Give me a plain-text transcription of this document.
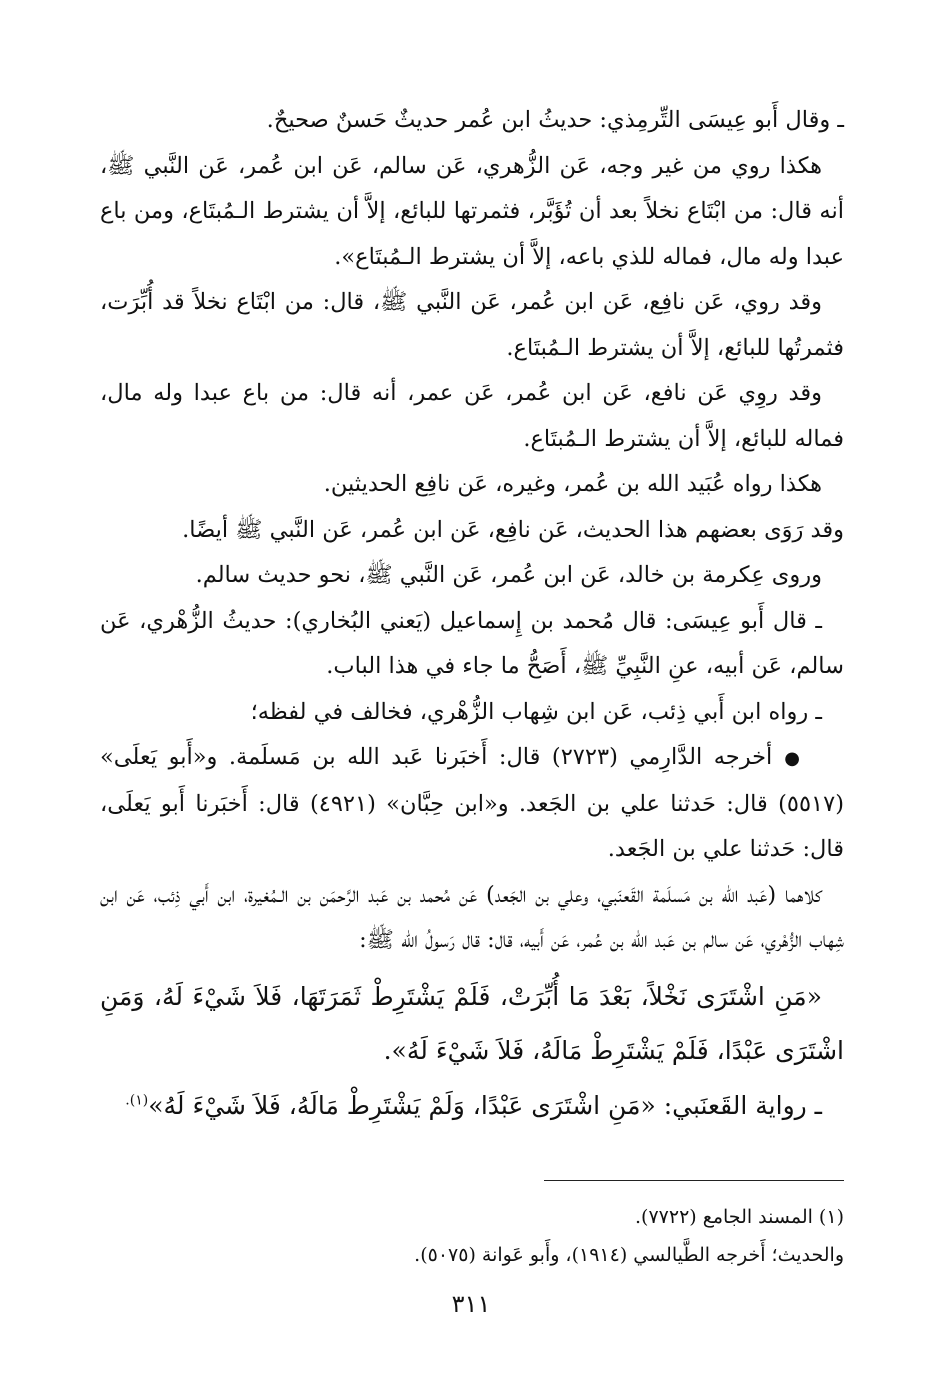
ـ وقال أَبو عِيسَى التِّرمِذي: حديثُ ابن عُمر حديثٌ حَسنٌ صحيحٌ.

هكذا روي من غير وجه، عَن الزُّهري، عَن سالم، عَن ابن عُمر، عَن النَّبي ﷺ، أنه قال: من ابْتَاع نخلاً بعد أن تُؤَبَّر، فثمرتها للبائع، إلاَّ أن يشترط الـمُبتَاع، ومن باع عبدا وله مال، فماله للذي باعه، إلاَّ أن يشترط الـمُبتَاع».

وقد روي، عَن نافِع، عَن ابن عُمر، عَن النَّبي ﷺ، قال: من ابْتَاع نخلاً قد أُبِّرَت، فثمرتُها للبائع، إلاَّ أن يشترط الـمُبتَاع.

وقد روِي عَن نافع، عَن ابن عُمر، عَن عمر، أنه قال: من باع عبدا وله مال، فماله للبائع، إلاَّ أن يشترط الـمُبتَاع.

هكذا رواه عُبَيد الله بن عُمر، وغيره، عَن نافِع الحديثين.

وقد رَوَى بعضهم هذا الحديث، عَن نافِع، عَن ابن عُمر، عَن النَّبي ﷺ أيضًا.

وروى عِكرمة بن خالد، عَن ابن عُمر، عَن النَّبي ﷺ، نحو حديث سالم.

ـ قال أَبو عِيسَى: قال مُحمد بن إِسماعيل (يَعني البُخاري): حديثُ الزُّهْري، عَن سالم، عَن أبيه، عنِ النَّبِيِّ ﷺ، أَصَحُّ ما جاء في هذا الباب.

ـ رواه ابن أَبي ذِئب، عَن ابن شِهاب الزُّهْري، فخالف في لفظه؛

●أخرجه الدَّارِمي (٢٧٢٣) قال: أَخبَرنا عَبد الله بن مَسلَمة. و«أَبو يَعلَى» (٥٥١٧) قال: حَدثنا علي بن الجَعد. و«ابن حِبَّان» (٤٩٢١) قال: أَخبَرنا أَبو يَعلَى، قال: حَدثنا علي بن الجَعد.

كلاهما (عَبد الله بن مَسلَمة القَعنَبي، وعلي بن الجَعد) عَن مُحمد بن عَبد الرَّحمَن بن الـمُغيرة، ابن أَبي ذِئب، عَن ابن شِهاب الزُّهْري، عَن سالم بن عَبد الله بن عُمر، عَن أَبيه، قال: قال رَسولُ الله ﷺ:

«مَنِ اشْتَرَى نَخْلاً، بَعْدَ مَا أُبِّرَتْ، فَلَمْ يَشْتَرِطْ ثَمَرَتَهَا، فَلاَ شَيْءَ لَهُ، وَمَنِ اشْتَرَى عَبْدًا، فَلَمْ يَشْتَرِطْ مَالَهُ، فَلاَ شَيْءَ لَهُ».

ـ رواية القَعنَبي: «مَنِ اشْتَرَى عَبْدًا، وَلَمْ يَشْتَرِطْ مَالَهُ، فَلاَ شَيْءَ لَهُ»$^{(١).}$

(١) المسند الجامع (٧٧٢٢).

والحديث؛ أَخرجه الطَّيالسي (١٩١٤)، وأَبو عَوانة (٥٠٧٥).

٣١١
